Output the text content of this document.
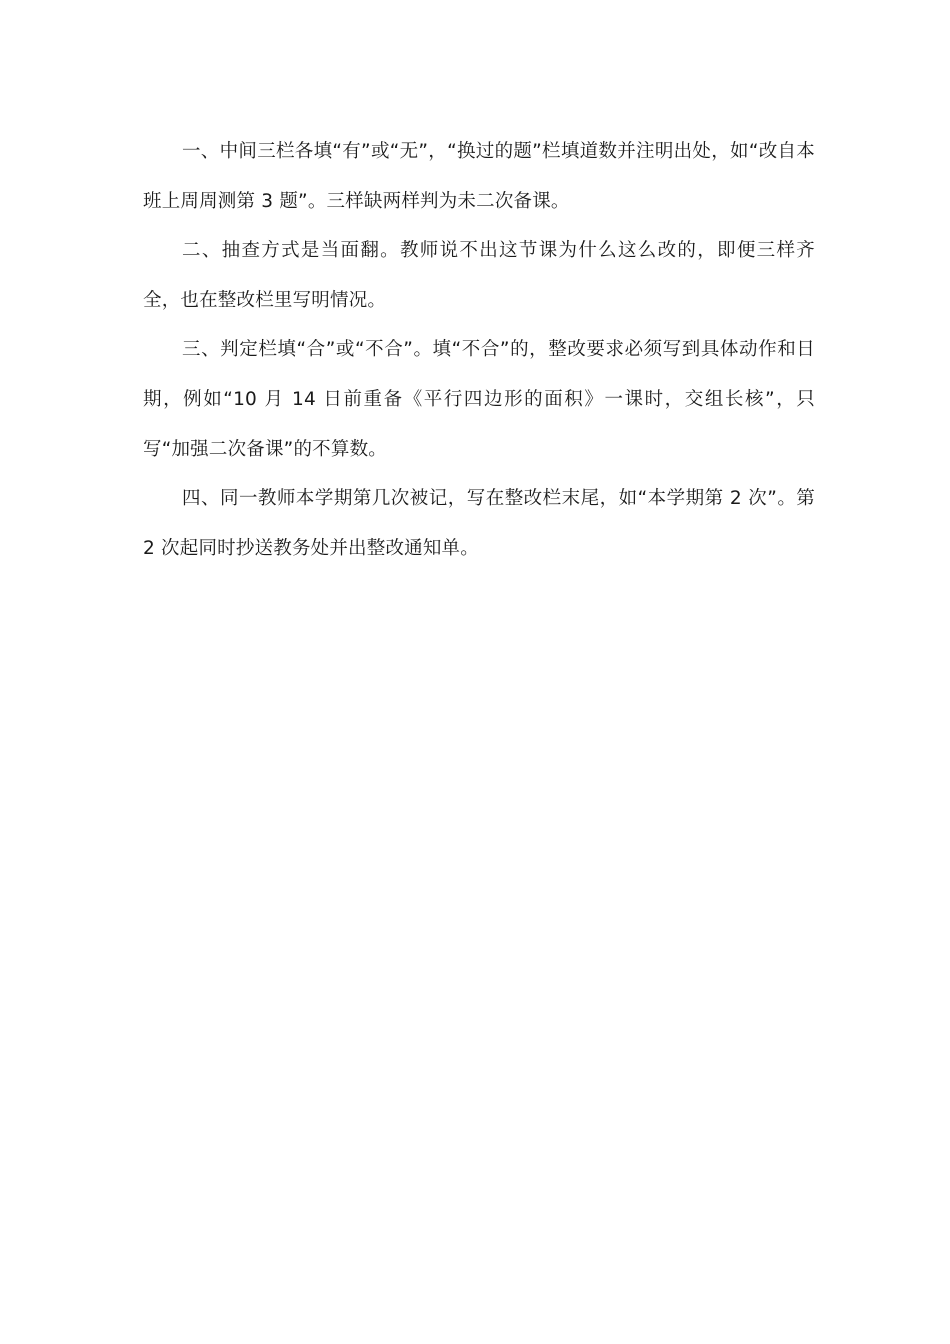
一、中间三栏各填“有”或“无”，“换过的题”栏填道数并注明出处，如“改自本班上周周测第 3 题”。三样缺两样判为未二次备课。

二、抽查方式是当面翻。教师说不出这节课为什么这么改的，即便三样齐全，也在整改栏里写明情况。

三、判定栏填“合”或“不合”。填“不合”的，整改要求必须写到具体动作和日期，例如“10 月 14 日前重备《平行四边形的面积》一课时，交组长核”，只写“加强二次备课”的不算数。

四、同一教师本学期第几次被记，写在整改栏末尾，如“本学期第 2 次”。第 2 次起同时抄送教务处并出整改通知单。
